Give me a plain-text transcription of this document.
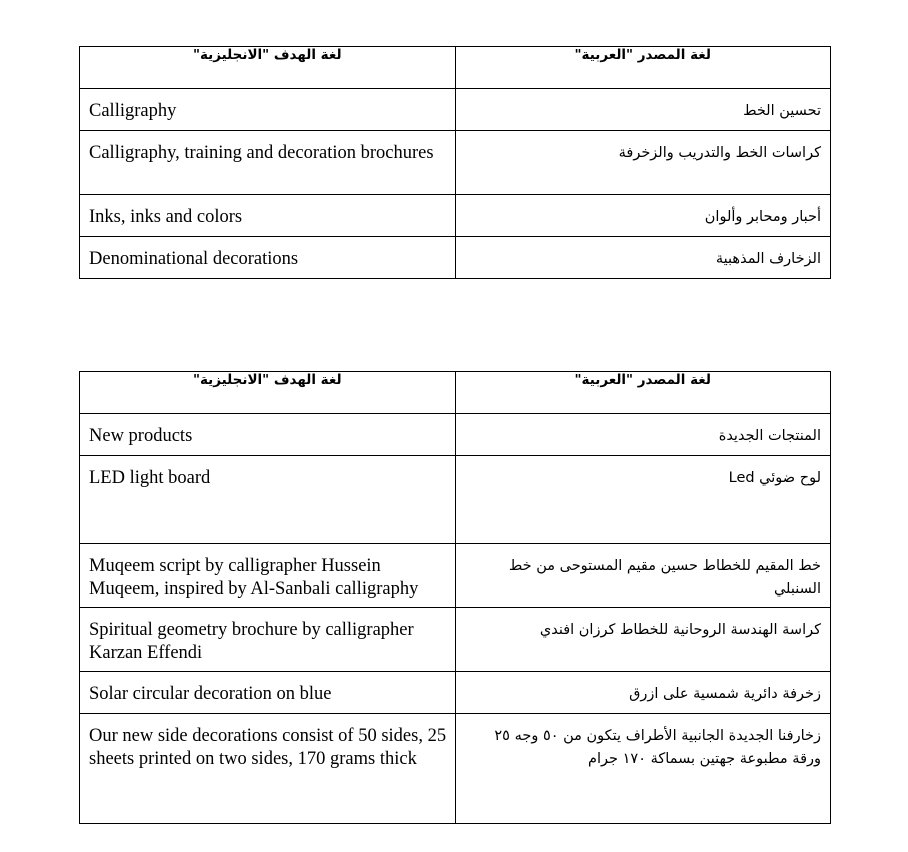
لغة الهدف "الانجليزية"	لغة المصدر "العربية"
Calligraphy	تحسين الخط
Calligraphy, training and decoration brochures	كراسات الخط والتدريب والزخرفة
Inks, inks and colors	أحبار ومحابر وألوان
Denominational decorations	الزخارف المذهبية
لغة الهدف "الانجليزية"	لغة المصدر "العربية"
New products	المنتجات الجديدة
LED light board	لوح ضوئي Led
Muqeem script by calligrapher Hussein Muqeem, inspired by Al-Sanbali calligraphy	خط المقيم للخطاط حسين مقيم المستوحى من خط السنبلي
Spiritual geometry brochure by calligrapher Karzan Effendi	كراسة الهندسة الروحانية للخطاط كرزان افندي
Solar circular decoration on blue	زخرفة دائرية شمسية على ازرق
Our new side decorations consist of 50 sides, 25 sheets printed on two sides, 170 grams thick	زخارفنا الجديدة الجانبية الأطراف يتكون من ٥٠ وجه ٢٥ ورقة مطبوعة جهتين بسماكة ١٧٠ جرام
